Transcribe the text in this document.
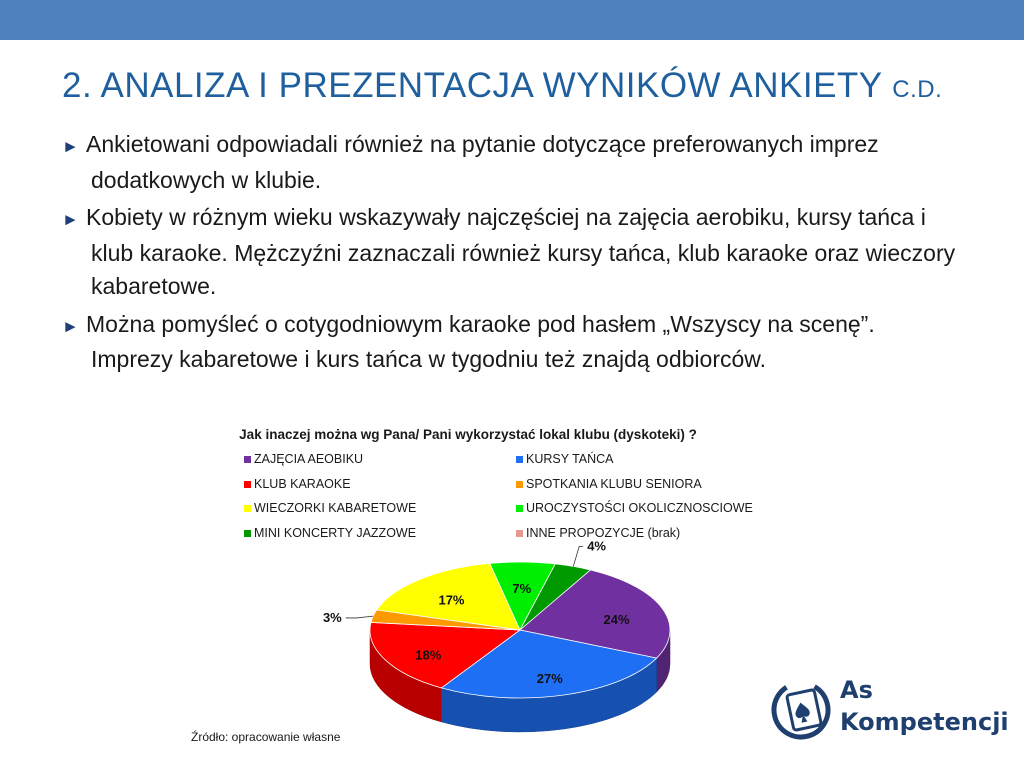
2. ANALIZA I PREZENTACJA WYNIKÓW ANKIETY C.D.
► Ankietowani odpowiadali również na pytanie dotyczące preferowanych imprez dodatkowych w klubie.
► Kobiety w różnym wieku wskazywały najczęściej na zajęcia aerobiku, kursy tańca i klub karaoke. Mężczyźni zaznaczali również kursy tańca, klub karaoke oraz wieczory kabaretowe.
► Można pomyśleć o cotygodniowym karaoke pod hasłem „Wszyscy na scenę”. Imprezy kabaretowe i kurs tańca w tygodniu też znajdą odbiorców.

Jak inaczej można wg Pana/ Pani wykorzystać lokal klubu (dyskoteki) ?

ZAJĘCIA AEOBIKU	KURSY TAŃCA
KLUB KARAOKE	SPOTKANIA KLUBU SENIORA
WIECZORKI KABARETOWE	UROCZYSTOŚCI OKOLICZNOSCIOWE
MINI KONCERTY JAZZOWE	INNE PROPOZYCJE (brak)
24%
27%
18%
3%
17%
7%
4%

Źródło: opracowanie własne

As
Kompetencji
